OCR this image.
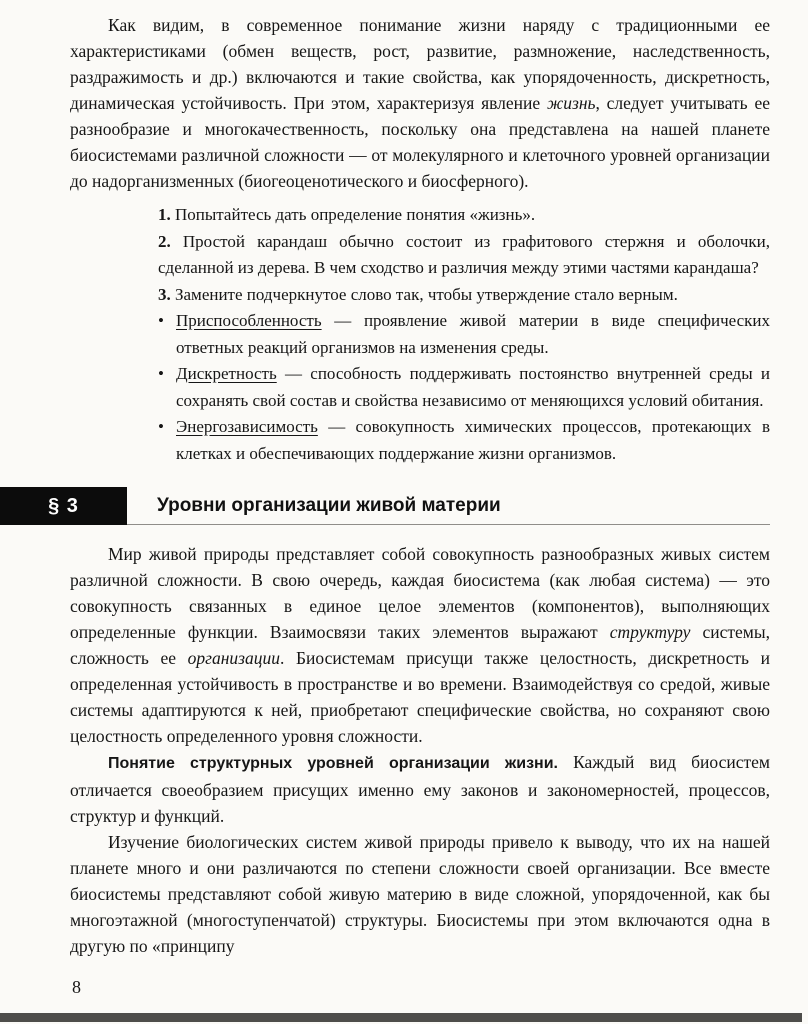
Как видим, в современное понимание жизни наряду с традиционными ее характеристиками (обмен веществ, рост, развитие, размножение, наследственность, раздражимость и др.) включаются и такие свойства, как упорядоченность, дискретность, динамическая устойчивость. При этом, характеризуя явление жизнь, следует учитывать ее разнообразие и многокачественность, поскольку она представлена на нашей планете биосистемами различной сложности — от молекулярного и клеточного уровней организации до надорганизменных (биогеоценотического и биосферного).

1. Попытайтесь дать определение понятия «жизнь».
2. Простой карандаш обычно состоит из графитового стержня и оболочки, сделанной из дерева. В чем сходство и различия между этими частями карандаша?
3. Замените подчеркнутое слово так, чтобы утверждение стало верным.
• Приспособленность — проявление живой материи в виде специфических ответных реакций организмов на изменения среды.
• Дискретность — способность поддерживать постоянство внутренней среды и сохранять свой состав и свойства независимо от меняющихся условий обитания.
• Энергозависимость — совокупность химических процессов, протекающих в клетках и обеспечивающих поддержание жизни организмов.
§ 3	Уровни организации живой материи

Мир живой природы представляет собой совокупность разнообразных живых систем различной сложности. В свою очередь, каждая биосистема (как любая система) — это совокупность связанных в единое целое элементов (компонентов), выполняющих определенные функции. Взаимосвязи таких элементов выражают структуру системы, сложность ее организации. Биосистемам присущи также целостность, дискретность и определенная устойчивость в пространстве и во времени. Взаимодействуя со средой, живые системы адаптируются к ней, приобретают специфические свойства, но сохраняют свою целостность определенного уровня сложности.

Понятие структурных уровней организации жизни. Каждый вид биосистем отличается своеобразием присущих именно ему законов и закономерностей, процессов, структур и функций.

Изучение биологических систем живой природы привело к выводу, что их на нашей планете много и они различаются по степени сложности своей организации. Все вместе биосистемы представляют собой живую материю в виде сложной, упорядоченной, как бы многоэтажной (многоступенчатой) структуры. Биосистемы при этом включаются одна в другую по «принципу

8
